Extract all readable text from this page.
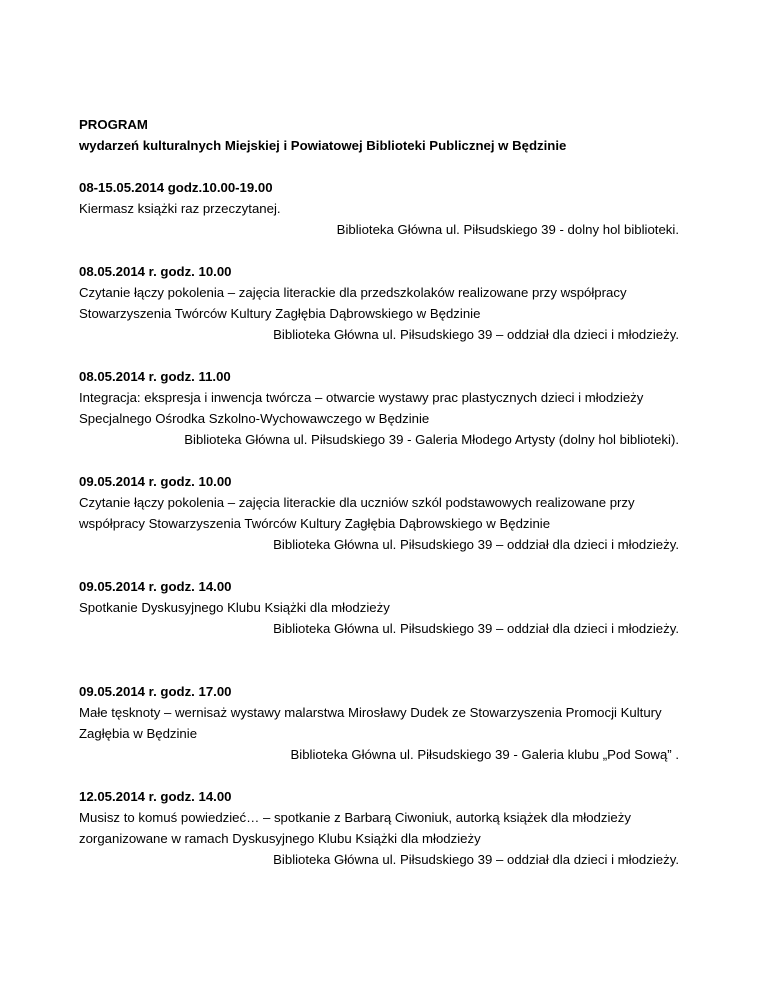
PROGRAM
wydarzeń kulturalnych Miejskiej i Powiatowej Biblioteki Publicznej w Będzinie
08-15.05.2014 godz.10.00-19.00
Kiermasz książki raz przeczytanej.
Biblioteka Główna ul. Piłsudskiego 39 - dolny hol biblioteki.
08.05.2014 r. godz. 10.00
Czytanie łączy pokolenia – zajęcia literackie dla przedszkolaków realizowane przy współpracy Stowarzyszenia Twórców Kultury Zagłębia Dąbrowskiego w Będzinie
Biblioteka Główna ul. Piłsudskiego 39 – oddział dla dzieci i młodzieży.
08.05.2014 r. godz. 11.00
Integracja: ekspresja i inwencja twórcza – otwarcie wystawy prac plastycznych dzieci i młodzieży Specjalnego Ośrodka Szkolno-Wychowawczego w Będzinie
Biblioteka Główna ul. Piłsudskiego 39 - Galeria Młodego Artysty (dolny hol biblioteki).
09.05.2014 r. godz. 10.00
Czytanie łączy pokolenia – zajęcia literackie dla uczniów szkól podstawowych realizowane przy współpracy Stowarzyszenia Twórców Kultury Zagłębia Dąbrowskiego w Będzinie
Biblioteka Główna ul. Piłsudskiego 39 – oddział dla dzieci i młodzieży.
09.05.2014 r. godz. 14.00
Spotkanie Dyskusyjnego Klubu Książki dla młodzieży
Biblioteka Główna ul. Piłsudskiego 39 – oddział dla dzieci i młodzieży.
09.05.2014 r. godz. 17.00
Małe tęsknoty – wernisaż wystawy malarstwa Mirosławy Dudek ze Stowarzyszenia Promocji Kultury Zagłębia w Będzinie
Biblioteka Główna ul. Piłsudskiego 39 - Galeria klubu „Pod Sową” .
12.05.2014 r. godz. 14.00
Musisz to komuś powiedzieć… – spotkanie z Barbarą Ciwoniuk, autorką książek dla młodzieży zorganizowane w ramach Dyskusyjnego Klubu Książki dla młodzieży
Biblioteka Główna ul. Piłsudskiego 39 – oddział dla dzieci i młodzieży.
